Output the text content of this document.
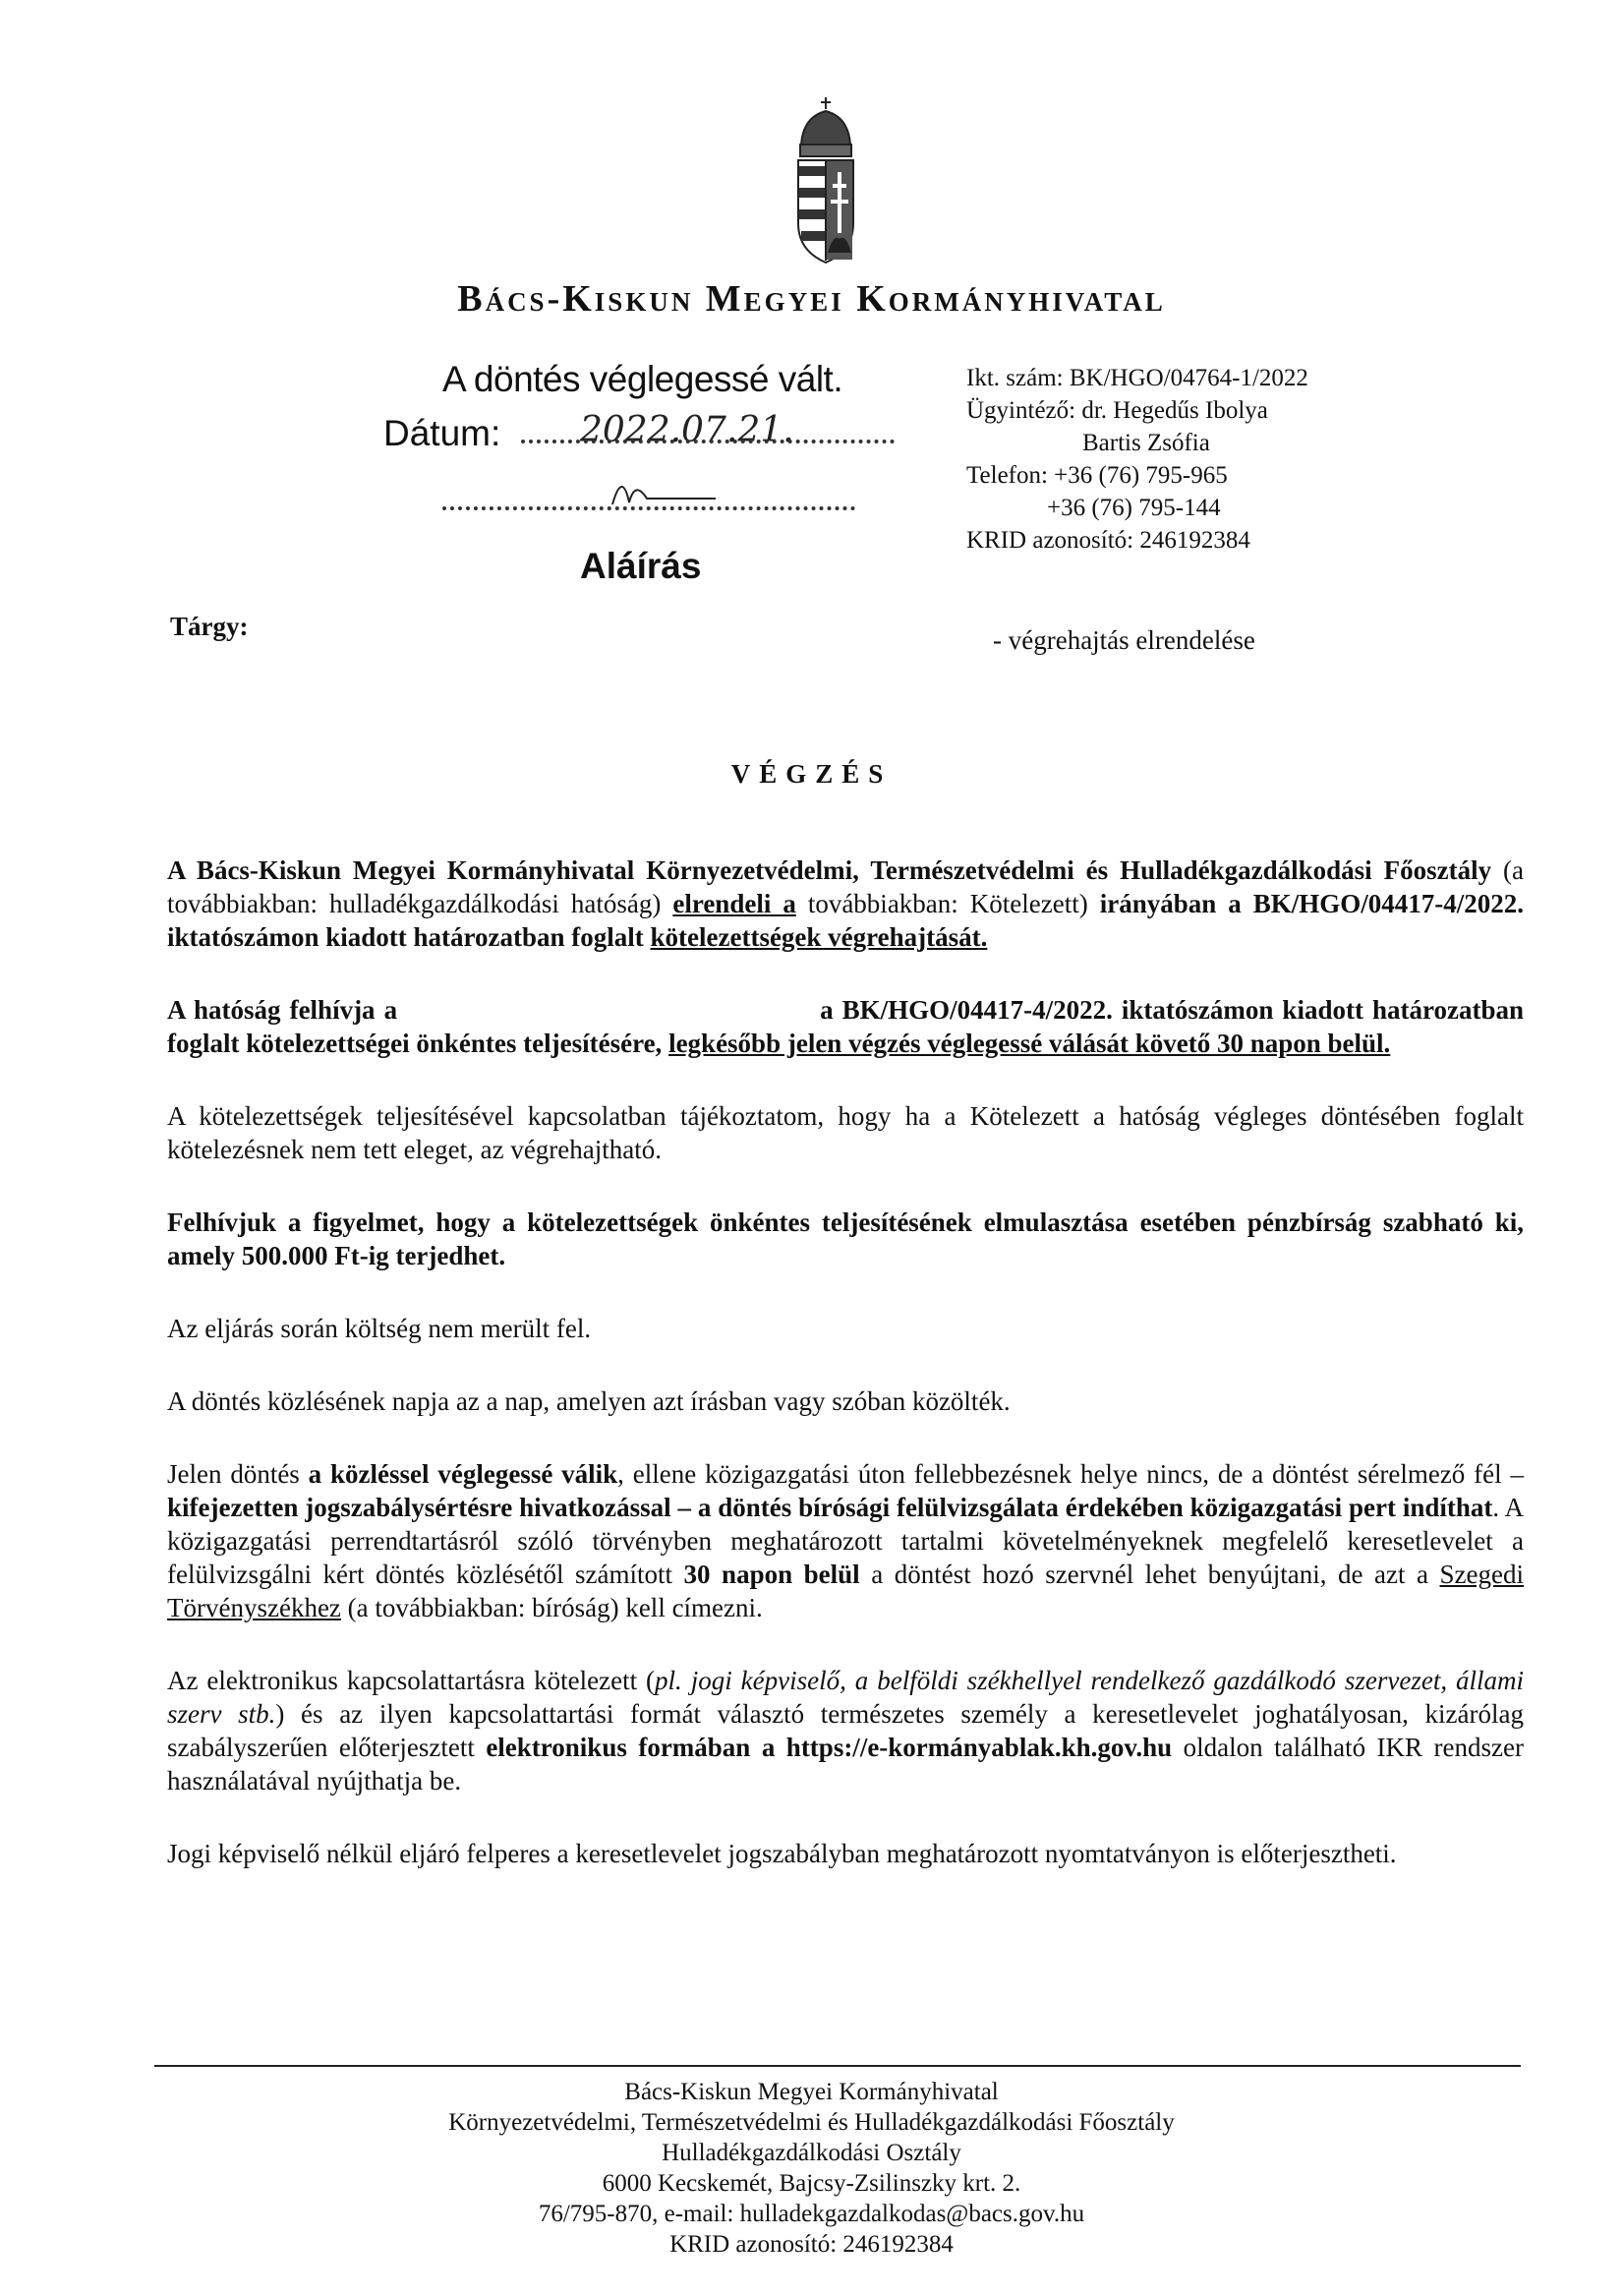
Bács-Kiskun Megyei Kormányhivatal
A döntés véglegessé vált.
Dátum: 2022.07.21.
Aláírás
Ikt. szám: BK/HGO/04764-1/2022
Ügyintéző: dr. Hegedűs Ibolya
Bartis Zsófia
Telefon: +36 (76) 795-965
+36 (76) 795-144
KRID azonosító: 246192384
Tárgy:	- végrehajtás elrendelése
VÉGZÉS

A Bács-Kiskun Megyei Kormányhivatal Környezetvédelmi, Természetvédelmi és Hulladékgazdálkodási Főosztály (a továbbiakban: hulladékgazdálkodási hatóság) elrendeli a továbbiakban: Kötelezett) irányában a BK/HGO/04417-4/2022. iktatószámon kiadott határozatban foglalt kötelezettségek végrehajtását.

A hatóság felhívja a	a BK/HGO/04417-4/2022. iktatószámon kiadott határozatban foglalt kötelezettségei önkéntes teljesítésére, legkésőbb jelen végzés véglegessé válását követő 30 napon belül.

A kötelezettségek teljesítésével kapcsolatban tájékoztatom, hogy ha a Kötelezett a hatóság végleges döntésében foglalt kötelezésnek nem tett eleget, az végrehajtható.

Felhívjuk a figyelmet, hogy a kötelezettségek önkéntes teljesítésének elmulasztása esetében pénzbírság szabható ki, amely 500.000 Ft-ig terjedhet.

Az eljárás során költség nem merült fel.

A döntés közlésének napja az a nap, amelyen azt írásban vagy szóban közölték.

Jelen döntés a közléssel véglegessé válik, ellene közigazgatási úton fellebbezésnek helye nincs, de a döntést sérelmező fél – kifejezetten jogszabálysértésre hivatkozással – a döntés bírósági felülvizsgálata érdekében közigazgatási pert indíthat. A közigazgatási perrendtartásról szóló törvényben meghatározott tartalmi követelményeknek megfelelő keresetlevelet a felülvizsgálni kért döntés közlésétől számított 30 napon belül a döntést hozó szervnél lehet benyújtani, de azt a Szegedi Törvényszékhez (a továbbiakban: bíróság) kell címezni.

Az elektronikus kapcsolattartásra kötelezett (pl. jogi képviselő, a belföldi székhellyel rendelkező gazdálkodó szervezet, állami szerv stb.) és az ilyen kapcsolattartási formát választó természetes személy a keresetlevelet joghatályosan, kizárólag szabályszerűen előterjesztett elektronikus formában a https://e-kormányablak.kh.gov.hu oldalon található IKR rendszer használatával nyújthatja be.

Jogi képviselő nélkül eljáró felperes a keresetlevelet jogszabályban meghatározott nyomtatványon is előterjesztheti.

Bács-Kiskun Megyei Kormányhivatal
Környezetvédelmi, Természetvédelmi és Hulladékgazdálkodási Főosztály
Hulladékgazdálkodási Osztály
6000 Kecskemét, Bajcsy-Zsilinszky krt. 2.
76/795-870, e-mail: hulladekgazdalkodas@bacs.gov.hu
KRID azonosító: 246192384
